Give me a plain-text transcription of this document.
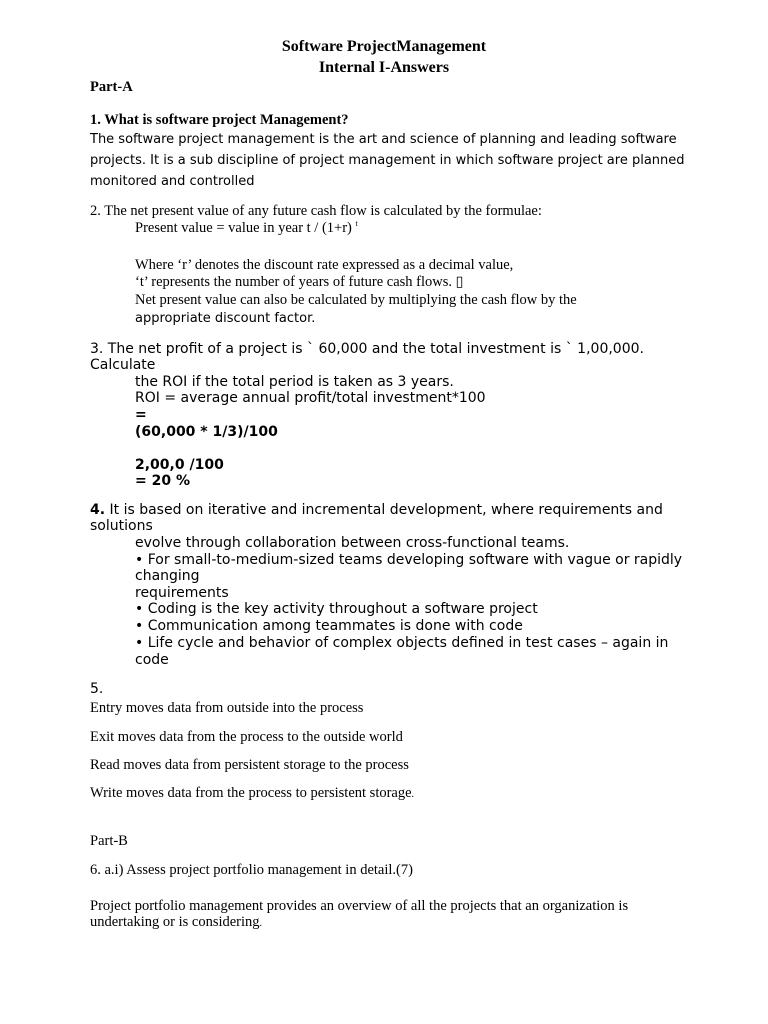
Software ProjectManagement
Internal I-Answers
Part-A
1. What is software project Management?
The software project management is the art and science of planning and leading software
projects. It is a sub discipline of project management in which software project are planned
monitored and controlled
2. The net present value of any future cash flow is calculated by the formulae:
Present value = value in year t / (1+r) $^t$
Where ‘r’ denotes the discount rate expressed as a decimal value,
‘t’ represents the number of years of future cash flows. ▯
Net present value can also be calculated by multiplying the cash flow by the
appropriate discount factor.
3. The net profit of a project is ` 60,000 and the total investment is ` 1,00,000.
Calculate
the ROI if the total period is taken as 3 years.
ROI = average annual profit/total investment*100
=
(60,000 * 1/3)/100
2,00,0 /100
= 20 %
4. It is based on iterative and incremental development, where requirements and
solutions
evolve through collaboration between cross-functional teams.
• For small-to-medium-sized teams developing software with vague or rapidly
changing
requirements
• Coding is the key activity throughout a software project
• Communication among teammates is done with code
• Life cycle and behavior of complex objects defined in test cases – again in
code
5.
Entry moves data from outside into the process
Exit moves data from the process to the outside world
Read moves data from persistent storage to the process
Write moves data from the process to persistent storage.
Part-B
6. a.i) Assess project portfolio management in detail.(7)
Project portfolio management provides an overview of all the projects that an organization is
undertaking or is considering.
